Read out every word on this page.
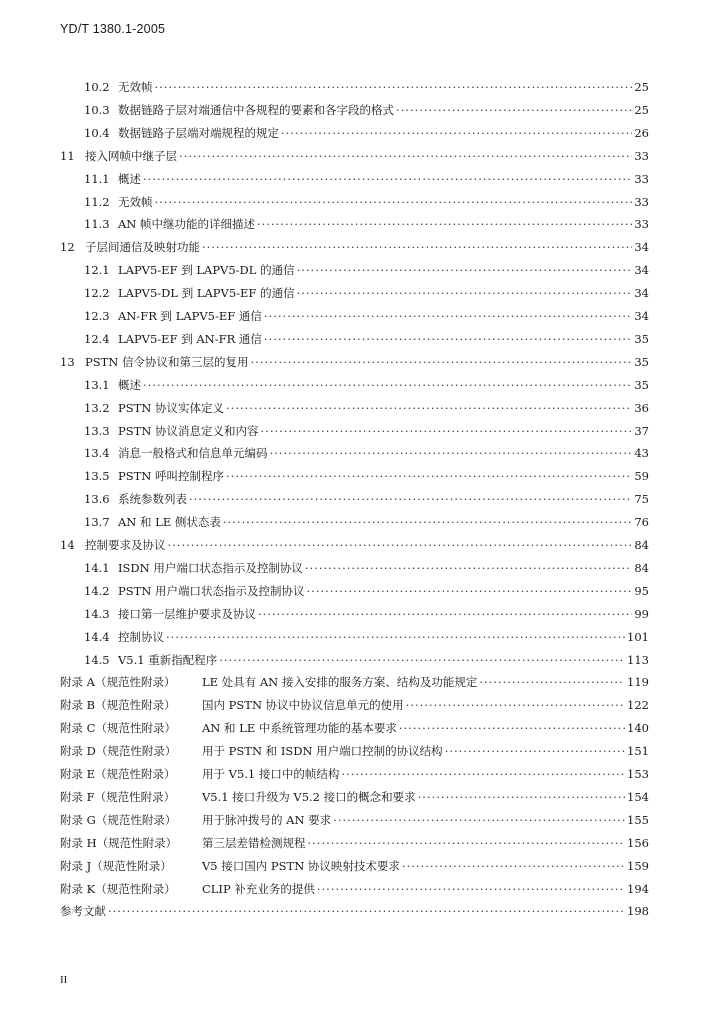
YD/T 1380.1-2005
10.2 无效帧 ·····	25
10.3 数据链路子层对端通信中各规程的要素和各字段的格式 ·····	25
10.4 数据链路子层端对端规程的规定 ·····	26
11 接入网帧中继子层 ·····	33
11.1 概述 ·····	33
11.2 无效帧 ·····	33
11.3 AN 帧中继功能的详细描述 ·····	33
12 子层间通信及映射功能 ·····	34
12.1 LAPV5-EF 到 LAPV5-DL 的通信 ·····	34
12.2 LAPV5-DL 到 LAPV5-EF 的通信 ·····	34
12.3 AN-FR 到 LAPV5-EF 通信 ·····	34
12.4 LAPV5-EF 到 AN-FR 通信 ·····	35
13 PSTN 信令协议和第三层的复用 ·····	35
13.1 概述 ·····	35
13.2 PSTN 协议实体定义 ·····	36
13.3 PSTN 协议消息定义和内容 ·····	37
13.4 消息一般格式和信息单元编码 ·····	43
13.5 PSTN 呼叫控制程序 ·····	59
13.6 系统参数列表 ·····	75
13.7 AN 和 LE 侧状态表 ·····	76
14 控制要求及协议 ·····	84
14.1 ISDN 用户端口状态指示及控制协议 ·····	84
14.2 PSTN 用户端口状态指示及控制协议 ·····	95
14.3 接口第一层维护要求及协议 ·····	99
14.4 控制协议 ·····	101
14.5 V5.1 重新指配程序 ·····	113
附录 A（规范性附录）	LE 处具有 AN 接入安排的服务方案、结构及功能规定 ·····	119
附录 B（规范性附录）	国内 PSTN 协议中协议信息单元的使用 ·····	122
附录 C（规范性附录）	AN 和 LE 中系统管理功能的基本要求 ·····	140
附录 D（规范性附录）	用于 PSTN 和 ISDN 用户端口控制的协议结构 ·····	151
附录 E（规范性附录）	用于 V5.1 接口中的帧结构 ·····	153
附录 F（规范性附录）	V5.1 接口升级为 V5.2 接口的概念和要求 ·····	154
附录 G（规范性附录）	用于脉冲拨号的 AN 要求 ·····	155
附录 H（规范性附录）	第三层差错检测规程 ·····	156
附录 J（规范性附录）	V5 接口国内 PSTN 协议映射技术要求 ·····	159
附录 K（规范性附录）	CLIP 补充业务的提供 ·····	194
参考文献 ·····	198
II
